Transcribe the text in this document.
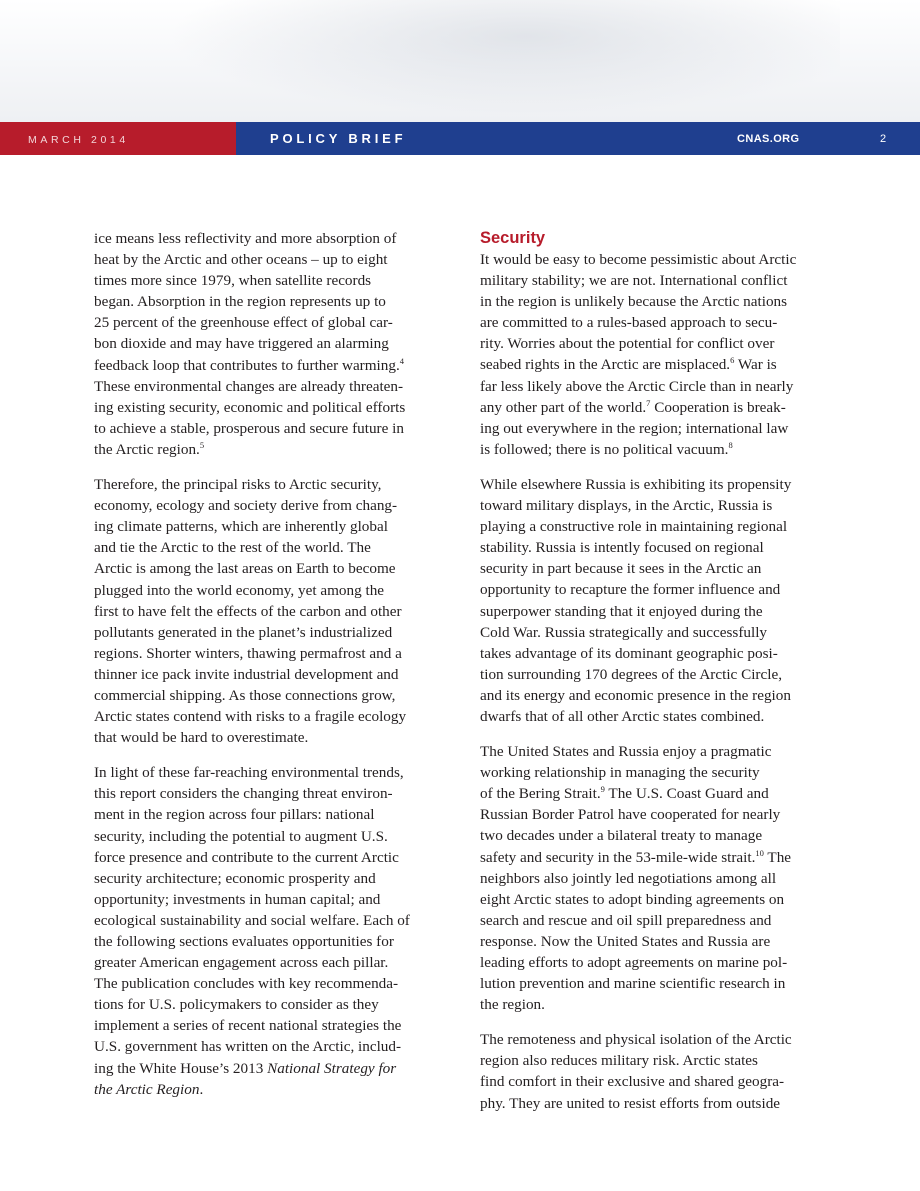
MARCH 2014	POLICY BRIEF	CNAS.ORG	2

ice means less reflectivity and more absorption of
heat by the Arctic and other oceans – up to eight
times more since 1979, when satellite records
began. Absorption in the region represents up to
25 percent of the greenhouse effect of global car-
bon dioxide and may have triggered an alarming
feedback loop that contributes to further warming.$^4$
These environmental changes are already threaten-
ing existing security, economic and political efforts
to achieve a stable, prosperous and secure future in
the Arctic region.$^5$

Therefore, the principal risks to Arctic security,
economy, ecology and society derive from chang-
ing climate patterns, which are inherently global
and tie the Arctic to the rest of the world. The
Arctic is among the last areas on Earth to become
plugged into the world economy, yet among the
first to have felt the effects of the carbon and other
pollutants generated in the planet’s industrialized
regions. Shorter winters, thawing permafrost and a
thinner ice pack invite industrial development and
commercial shipping. As those connections grow,
Arctic states contend with risks to a fragile ecology
that would be hard to overestimate.

In light of these far-reaching environmental trends,
this report considers the changing threat environ-
ment in the region across four pillars: national
security, including the potential to augment U.S.
force presence and contribute to the current Arctic
security architecture; economic prosperity and
opportunity; investments in human capital; and
ecological sustainability and social welfare. Each of
the following sections evaluates opportunities for
greater American engagement across each pillar.
The publication concludes with key recommenda-
tions for U.S. policymakers to consider as they
implement a series of recent national strategies the
U.S. government has written on the Arctic, includ-
ing the White House’s 2013 National Strategy for
the Arctic Region.

Security

It would be easy to become pessimistic about Arctic
military stability; we are not. International conflict
in the region is unlikely because the Arctic nations
are committed to a rules-based approach to secu-
rity. Worries about the potential for conflict over
seabed rights in the Arctic are misplaced.$^6$ War is
far less likely above the Arctic Circle than in nearly
any other part of the world.$^7$ Cooperation is break-
ing out everywhere in the region; international law
is followed; there is no political vacuum.$^8$

While elsewhere Russia is exhibiting its propensity
toward military displays, in the Arctic, Russia is
playing a constructive role in maintaining regional
stability. Russia is intently focused on regional
security in part because it sees in the Arctic an
opportunity to recapture the former influence and
superpower standing that it enjoyed during the
Cold War. Russia strategically and successfully
takes advantage of its dominant geographic posi-
tion surrounding 170 degrees of the Arctic Circle,
and its energy and economic presence in the region
dwarfs that of all other Arctic states combined.

The United States and Russia enjoy a pragmatic
working relationship in managing the security
of the Bering Strait.$^9$ The U.S. Coast Guard and
Russian Border Patrol have cooperated for nearly
two decades under a bilateral treaty to manage
safety and security in the 53-mile-wide strait.$^{10}$ The
neighbors also jointly led negotiations among all
eight Arctic states to adopt binding agreements on
search and rescue and oil spill preparedness and
response. Now the United States and Russia are
leading efforts to adopt agreements on marine pol-
lution prevention and marine scientific research in
the region.

The remoteness and physical isolation of the Arctic
region also reduces military risk. Arctic states
find comfort in their exclusive and shared geogra-
phy. They are united to resist efforts from outside
